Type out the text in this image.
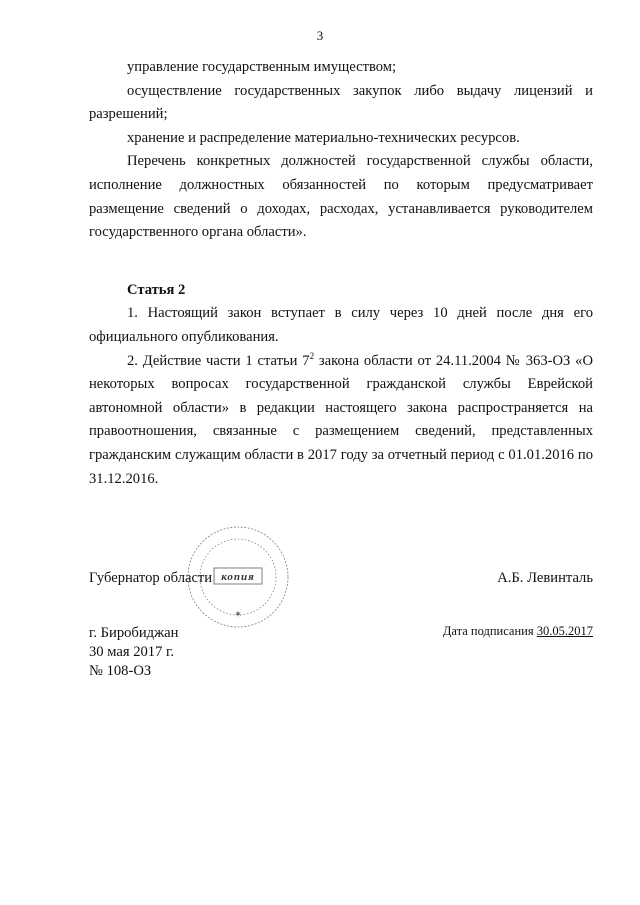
3

управление государственным имуществом;

осуществление государственных закупок либо выдачу лицензий и разрешений;

хранение и распределение материально-технических ресурсов.

Перечень конкретных должностей государственной службы области, исполнение должностных обязанностей по которым предусматривает размещение сведений о доходах, расходах, устанавливается руководителем государственного органа области».

Статья 2

1. Настоящий закон вступает в силу через 10 дней после дня его официального опубликования.

2. Действие части 1 статьи $7^2$ закона области от 24.11.2004 № 363-ОЗ «О некоторых вопросах государственной гражданской службы Еврейской автономной области» в редакции настоящего закона распространяется на правоотношения, связанные с размещением сведений, представленных гражданским служащим области в 2017 году за отчетный период с 01.01.2016 по 31.12.2016.

копия
✶
Губернатор области	А.Б. Левинталь
г. Биробиджан
30 мая 2017 г.
№ 108-ОЗ
Дата подписания 30.05.2017
